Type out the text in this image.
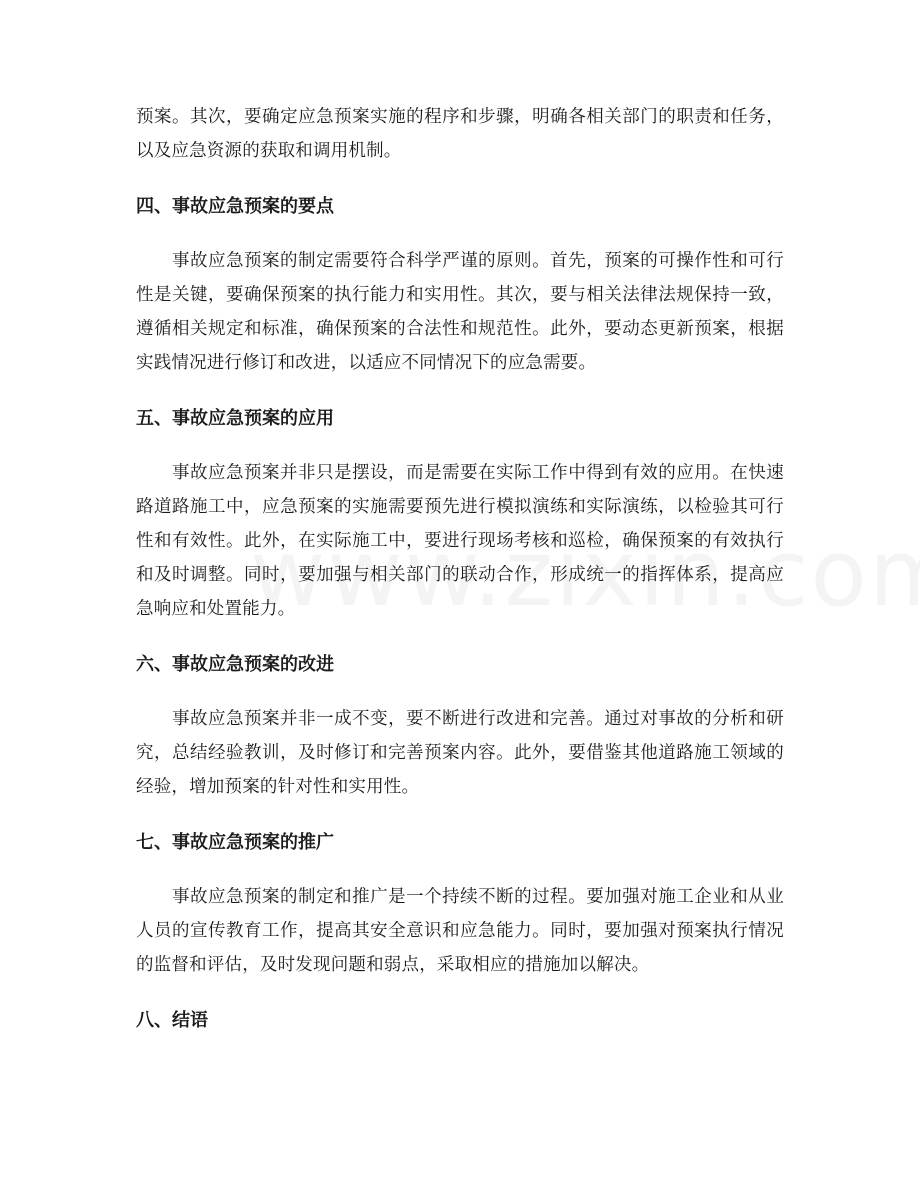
预案。其次，要确定应急预案实施的程序和步骤，明确各相关部门的职责和任务，以及应急资源的获取和调用机制。

四、事故应急预案的要点

事故应急预案的制定需要符合科学严谨的原则。首先，预案的可操作性和可行性是关键，要确保预案的执行能力和实用性。其次，要与相关法律法规保持一致，遵循相关规定和标准，确保预案的合法性和规范性。此外，要动态更新预案，根据实践情况进行修订和改进，以适应不同情况下的应急需要。

五、事故应急预案的应用

事故应急预案并非只是摆设，而是需要在实际工作中得到有效的应用。在快速路道路施工中，应急预案的实施需要预先进行模拟演练和实际演练，以检验其可行性和有效性。此外，在实际施工中，要进行现场考核和巡检，确保预案的有效执行和及时调整。同时，要加强与相关部门的联动合作，形成统一的指挥体系，提高应急响应和处置能力。

六、事故应急预案的改进

事故应急预案并非一成不变，要不断进行改进和完善。通过对事故的分析和研究，总结经验教训，及时修订和完善预案内容。此外，要借鉴其他道路施工领域的经验，增加预案的针对性和实用性。

七、事故应急预案的推广

事故应急预案的制定和推广是一个持续不断的过程。要加强对施工企业和从业人员的宣传教育工作，提高其安全意识和应急能力。同时，要加强对预案执行情况的监督和评估，及时发现问题和弱点，采取相应的措施加以解决。

八、结语
